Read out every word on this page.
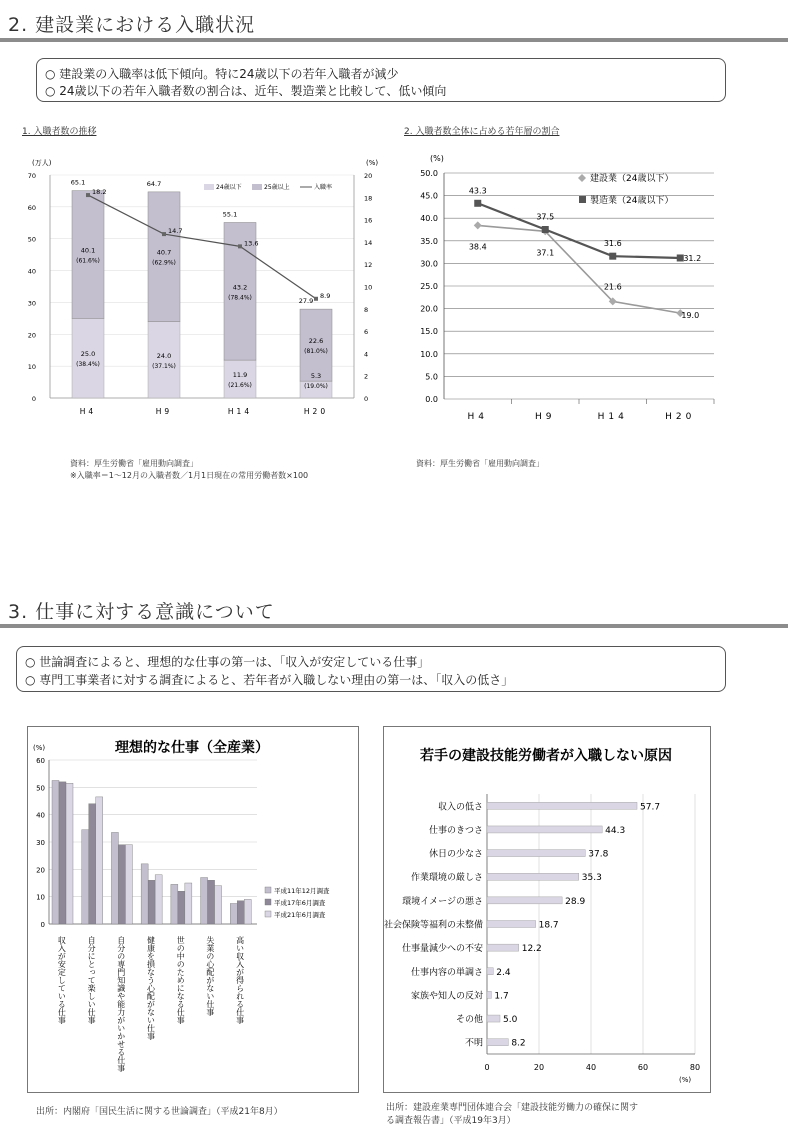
2. 建設業における入職状況
○ 建設業の入職率は低下傾向。特に24歳以下の若年入職者が減少
○ 24歳以下の若年入職者数の割合は、近年、製造業と比較して、低い傾向
1. 入職者数の推移	2. 入職者数全体に占める若年層の割合
(万人)	(%)
0
10
20
30
40
50
60
70
0
2
4
6
8
10
12
14
16
18
20
H4
65.1
40.1
(61.6%)
25.0
(38.4%)
H9
64.7
40.7
(62.9%)
24.0
(37.1%)
H14
55.1
43.2
(78.4%)
11.9
(21.6%)
H20
27.9
22.6
(81.0%)
5.3
(19.0%)
18.2
14.7
13.6
8.9
24歳以下	25歳以上	入職率
(%)
0.0
5.0
10.0
15.0
20.0
25.0
30.0
35.0
40.0
45.0
50.0
H4	H9	H14	H20
38.4
37.1
21.6
19.0
43.3
37.5
31.6
31.2
建設業（24歳以下）
製造業（24歳以下）
資料：厚生労働省「雇用動向調査」
※入職率＝1～12月の入職者数／1月1日現在の常用労働者数×100
資料：厚生労働省「雇用動向調査」
3. 仕事に対する意識について
○ 世論調査によると、理想的な仕事の第一は、「収入が安定している仕事」
○ 専門工事業者に対する調査によると、若年者が入職しない理由の第一は、「収入の低さ」
理想的な仕事（全産業）
(%)
0
10
20
30
40
50
60
収入が安定している仕事	自分にとって楽しい仕事	自分の専門知識や能力がいかせる仕事	健康を損なう心配がない仕事	世の中のためになる仕事	失業の心配がない仕事	高い収入が得られる仕事
平成11年12月調査
平成17年6月調査
平成21年6月調査
若手の建設技能労働者が入職しない原因
0	20	40	60	80
(%)
収入の低さ	57.7
仕事のきつさ	44.3
休日の少なさ	37.8
作業環境の厳しさ	35.3
環境イメージの悪さ	28.9
社会保険等福利の未整備	18.7
仕事量減少への不安	12.2
仕事内容の単調さ 2.4
家族や知人の反対 1.7
その他 5.0
不明	8.2
出所：内閣府「国民生活に関する世論調査」（平成21年8月）	出所：建設産業専門団体連合会「建設技能労働力の確保に関す
る調査報告書」（平成19年3月）
